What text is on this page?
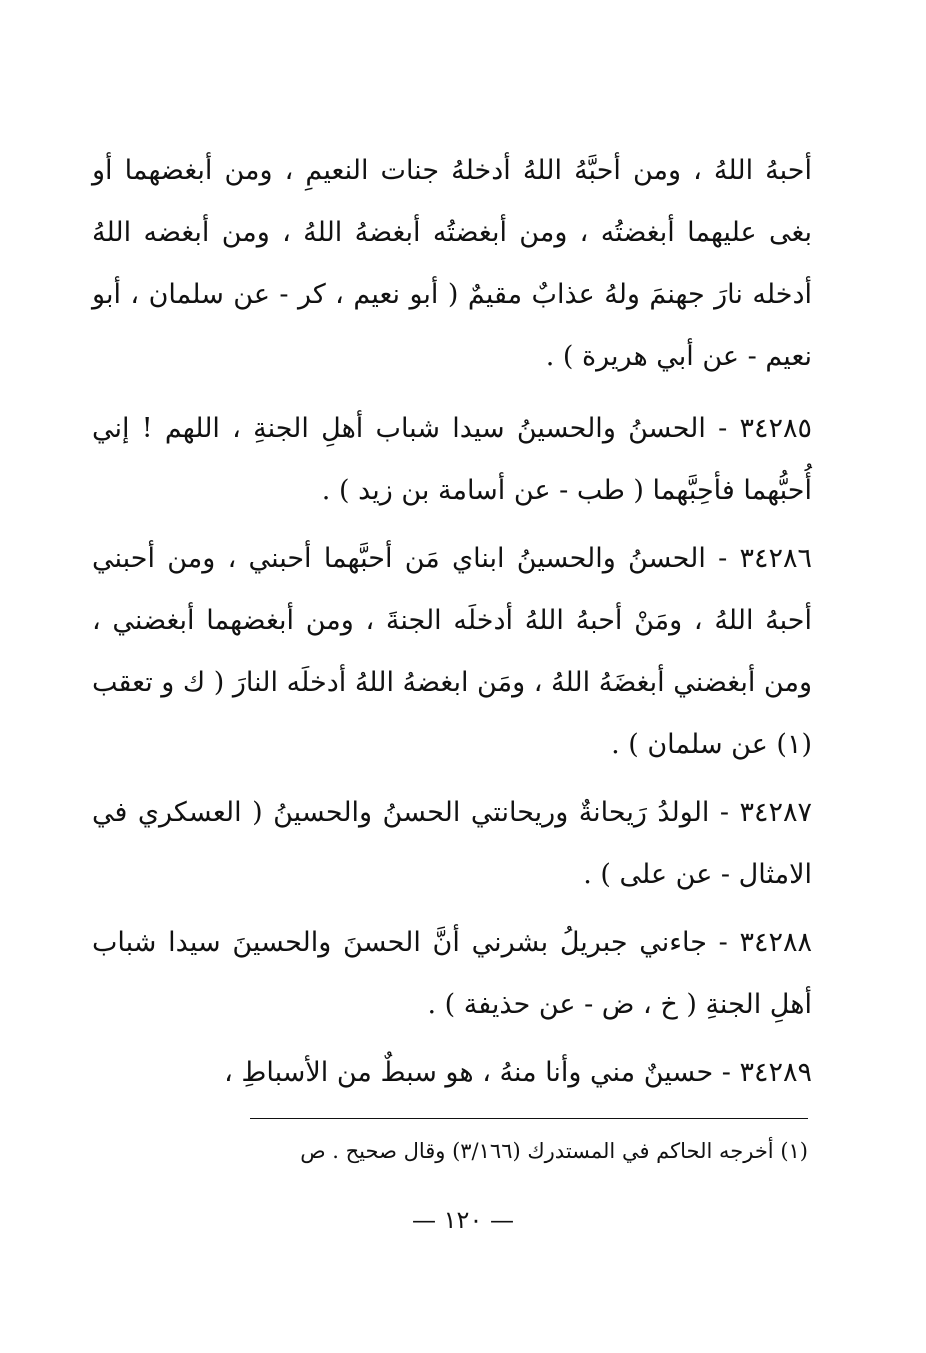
أحبهُ اللهُ ، ومن أحبَّهُ اللهُ أدخلهُ جنات النعيمِ ، ومن أبغضهما أو بغى عليهما أبغضتُه ، ومن أبغضتُه أبغضهُ اللهُ ، ومن أبغضه اللهُ أدخله نارَ جهنمَ ولهُ عذابٌ مقيمٌ ( أبو نعيم ، كر - عن سلمان ، أبو نعيم - عن أبي هريرة ) .

٣٤٢٨٥ - الحسنُ والحسينُ سيدا شباب أهلِ الجنةِ ، اللهم ! إني أُحبُّهما فأحِبَّهما ( طب - عن أسامة بن زيد ) .

٣٤٢٨٦ - الحسنُ والحسينُ ابناي مَن أحبَّهما أحبني ، ومن أحبني أحبهُ اللهُ ، ومَنْ أحبهُ اللهُ أدخلَه الجنةَ ، ومن أبغضهما أبغضني ، ومن أبغضني أبغضَهُ اللهُ ، ومَن ابغضهُ اللهُ أدخلَه النارَ ( ك و تعقب (١) عن سلمان ) .

٣٤٢٨٧ - الولدُ رَيحانةٌ وريحانتي الحسنُ والحسينُ ( العسكري في الامثال - عن على ) .

٣٤٢٨٨ - جاءني جبريلُ بشرني أنَّ الحسنَ والحسينَ سيدا شباب أهلِ الجنةِ ( خ ، ض - عن حذيفة ) .

٣٤٢٨٩ - حسينٌ مني وأنا منهُ ، هو سبطٌ من الأسباطِ ،

(١) أخرجه الحاكم في المستدرك (٣/١٦٦) وقال صحيح . ص
— ١٢٠ —
